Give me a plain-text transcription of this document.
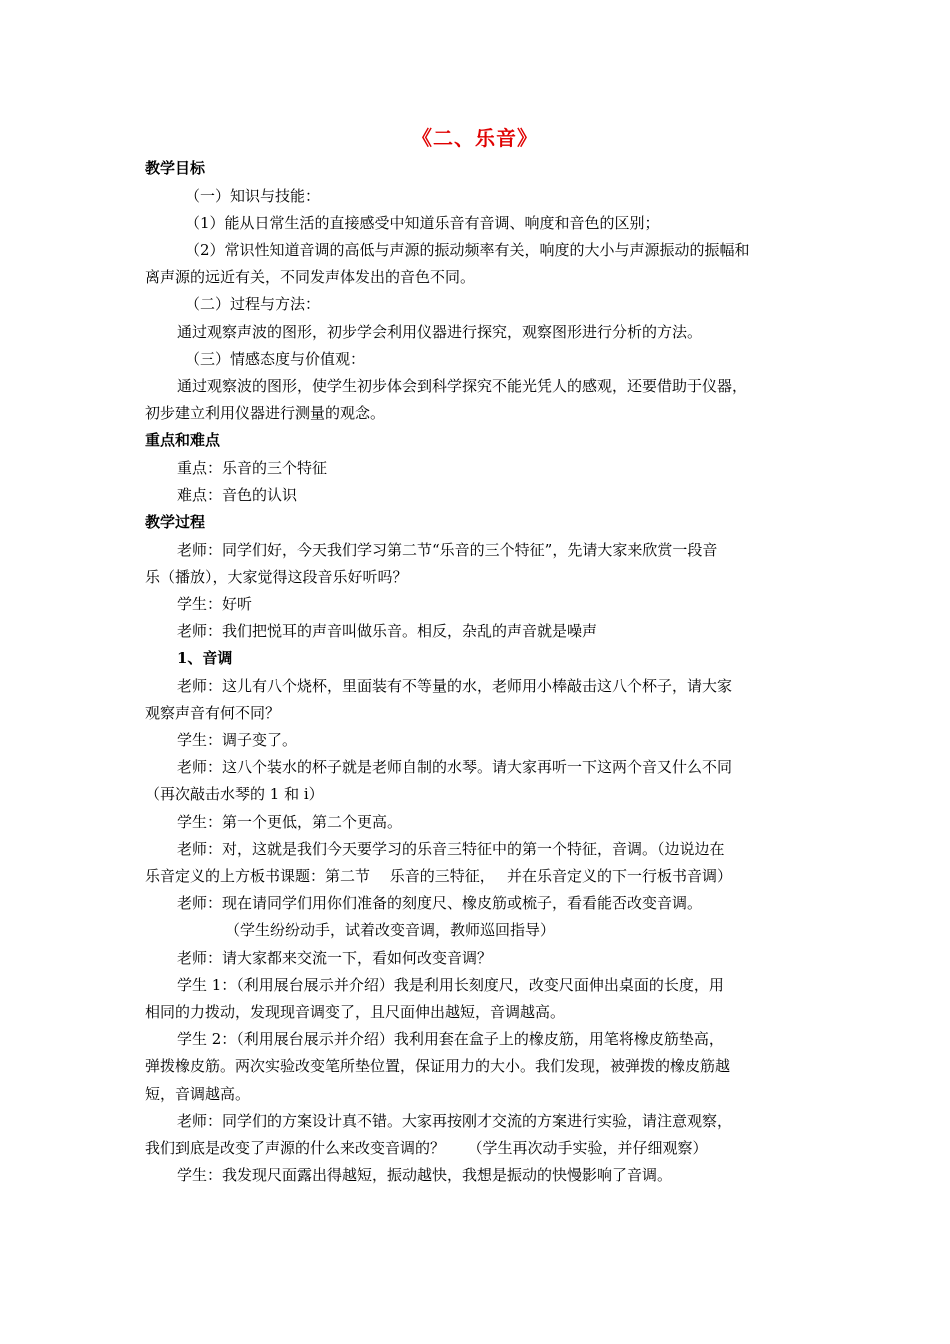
《二、乐音》
教学目标
（一）知识与技能：
（1）能从日常生活的直接感受中知道乐音有音调、响度和音色的区别；
（2）常识性知道音调的高低与声源的振动频率有关，响度的大小与声源振动的振幅和
离声源的远近有关，不同发声体发出的音色不同。
（二）过程与方法：
通过观察声波的图形，初步学会利用仪器进行探究，观察图形进行分析的方法。
（三）情感态度与价值观：
通过观察波的图形，使学生初步体会到科学探究不能光凭人的感观，还要借助于仪器，
初步建立利用仪器进行测量的观念。
重点和难点
重点：乐音的三个特征
难点：音色的认识
教学过程
老师：同学们好，今天我们学习第二节“乐音的三个特征”，先请大家来欣赏一段音
乐（播放），大家觉得这段音乐好听吗？
学生：好听
老师：我们把悦耳的声音叫做乐音。相反，杂乱的声音就是噪声
1、音调
老师：这儿有八个烧杯，里面装有不等量的水，老师用小棒敲击这八个杯子，请大家
观察声音有何不同？
学生：调子变了。
老师：这八个装水的杯子就是老师自制的水琴。请大家再听一下这两个音又什么不同
（再次敲击水琴的 1 和 i）
学生：第一个更低，第二个更高。
老师：对，这就是我们今天要学习的乐音三特征中的第一个特征，音调。（边说边在
乐音定义的上方板书课题：第二节　 乐音的三特征，　 并在乐音定义的下一行板书音调）
老师：现在请同学们用你们准备的刻度尺、橡皮筋或梳子，看看能否改变音调。
（学生纷纷动手，试着改变音调，教师巡回指导）
老师：请大家都来交流一下，看如何改变音调？
学生 1：（利用展台展示并介绍）我是利用长刻度尺，改变尺面伸出桌面的长度，用
相同的力拨动，发现现音调变了，且尺面伸出越短，音调越高。
学生 2：（利用展台展示并介绍）我利用套在盒子上的橡皮筋，用笔将橡皮筋垫高，
弹拨橡皮筋。两次实验改变笔所垫位置，保证用力的大小。我们发现，被弹拨的橡皮筋越
短，音调越高。
老师：同学们的方案设计真不错。大家再按刚才交流的方案进行实验，请注意观察，
我们到底是改变了声源的什么来改变音调的？　　（学生再次动手实验，并仔细观察）
学生：我发现尺面露出得越短，振动越快，我想是振动的快慢影响了音调。
